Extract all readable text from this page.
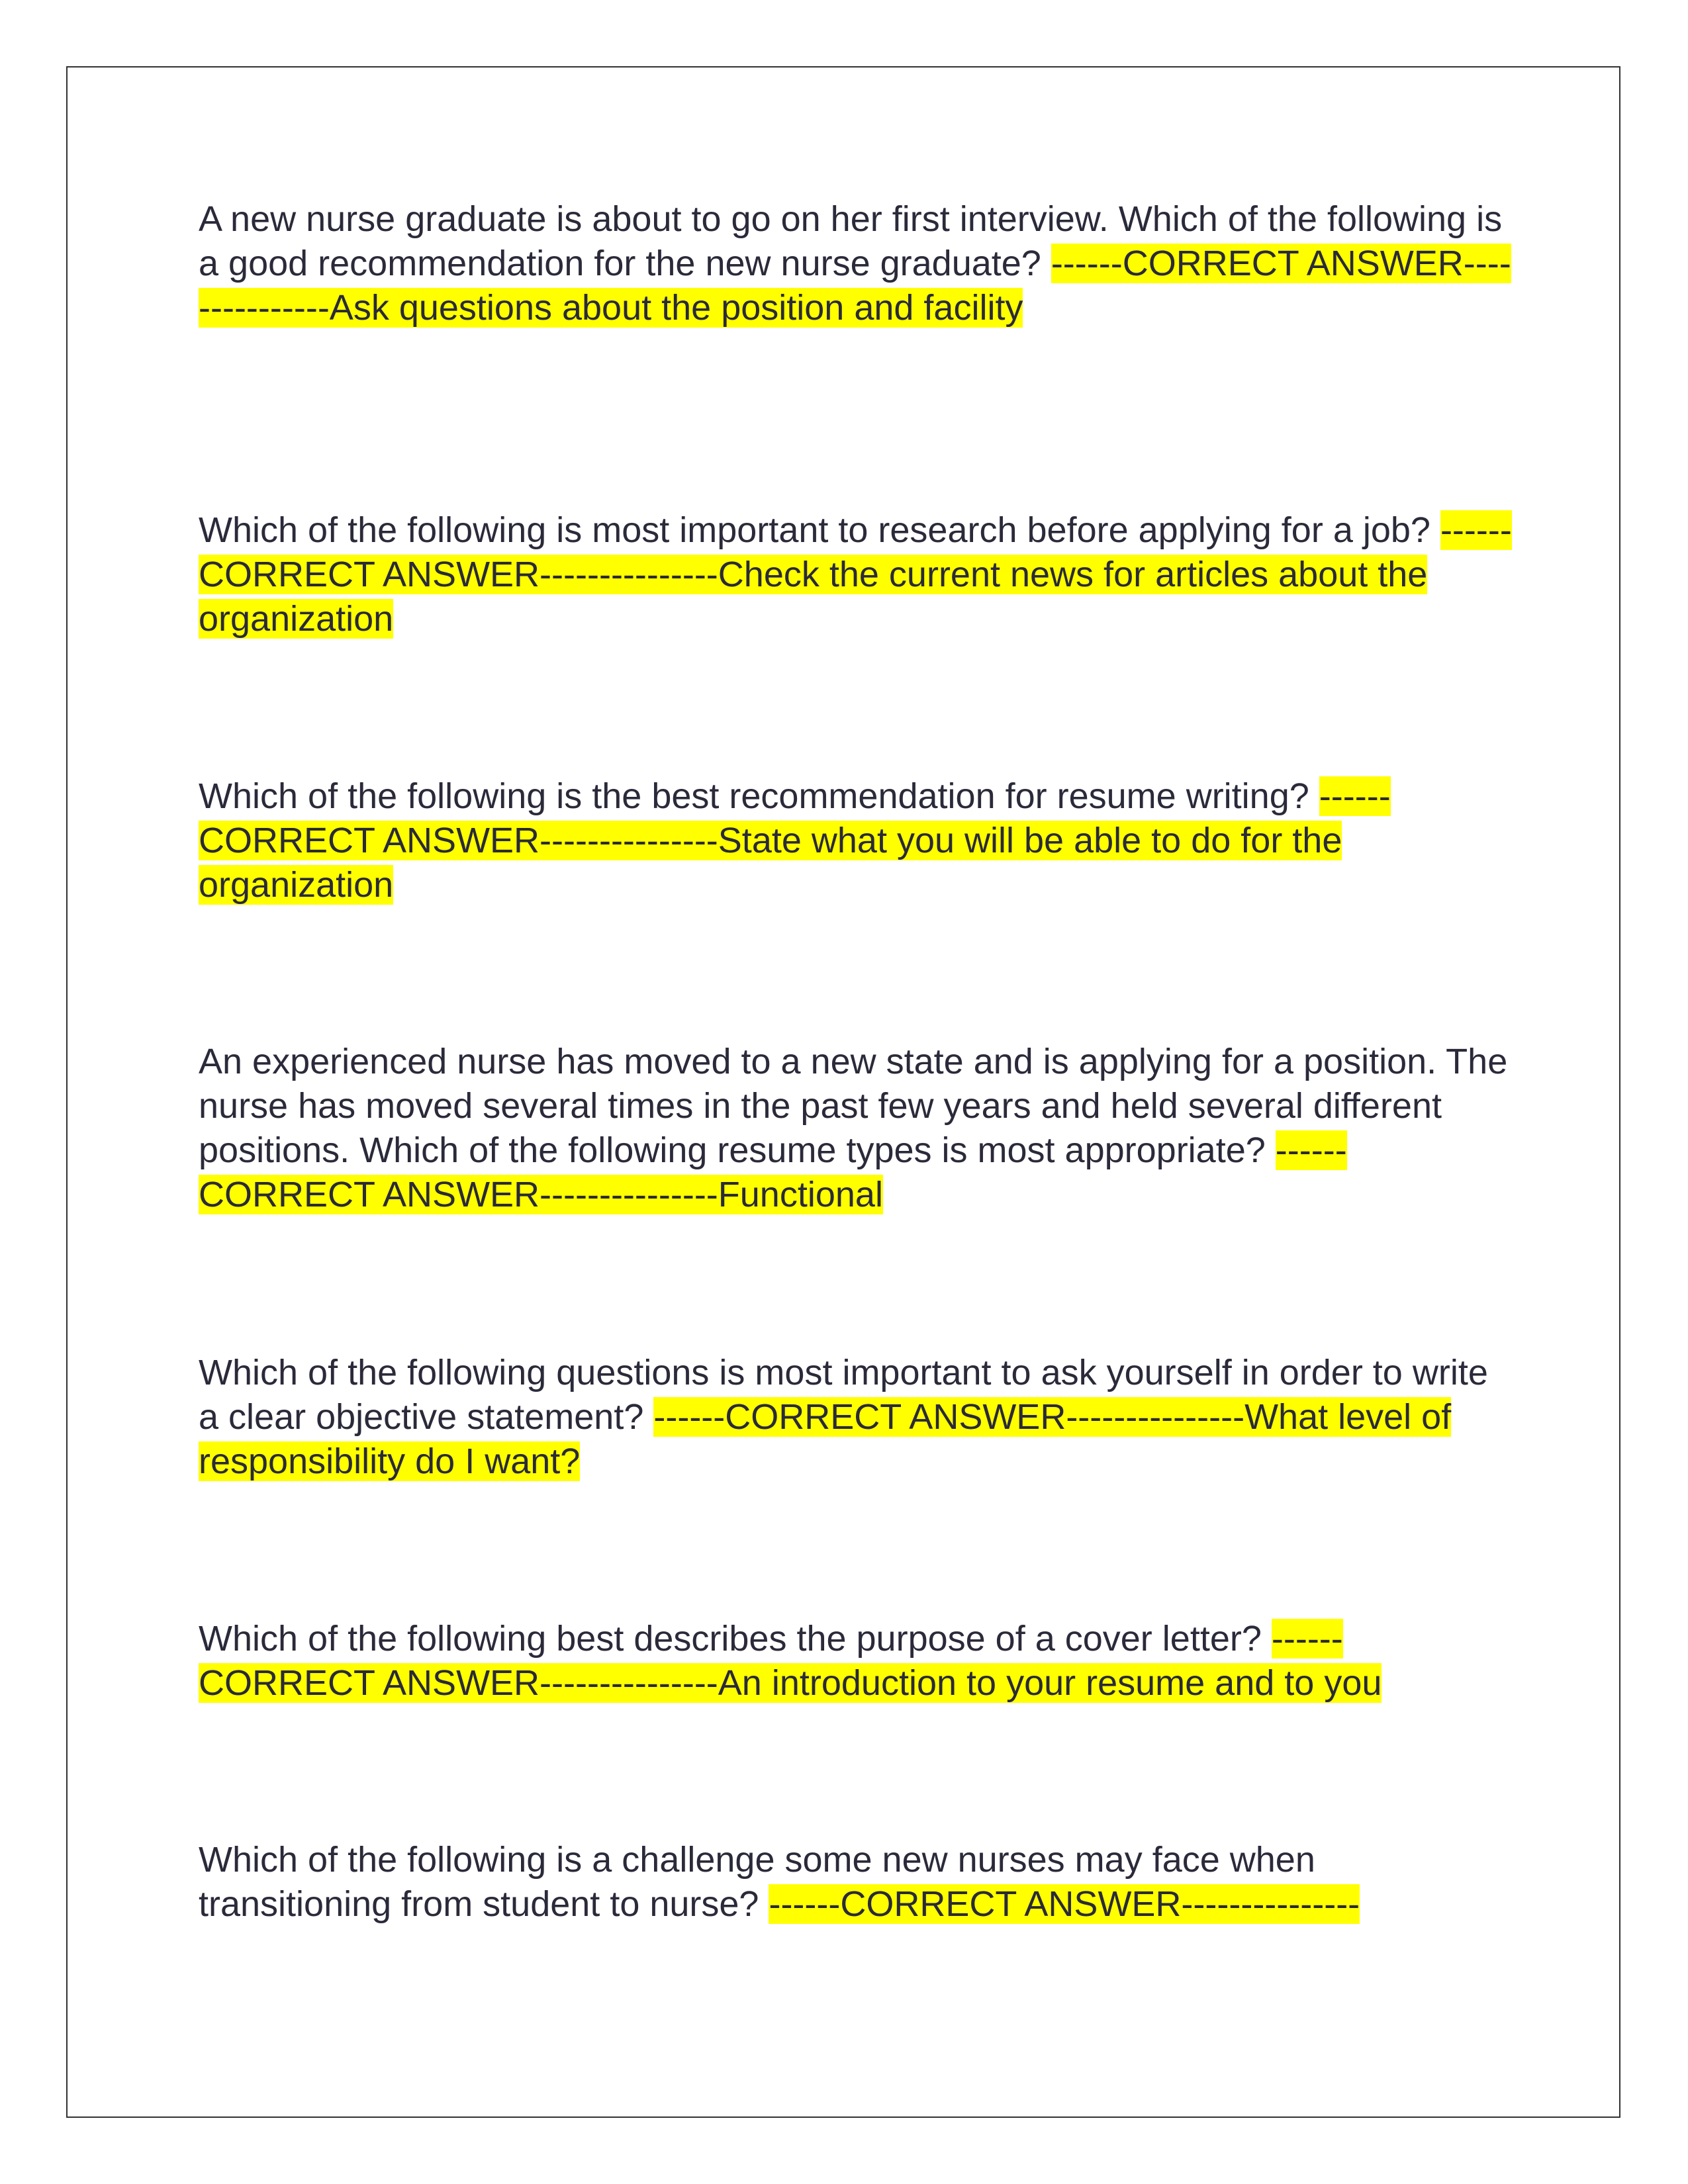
A new nurse graduate is about to go on her first interview. Which of the following is a good recommendation for the new nurse graduate? ------CORRECT ANSWER---------------Ask questions about the position and facility

Which of the following is most important to research before applying for a job? ------CORRECT ANSWER---------------Check the current news for articles about the organization

Which of the following is the best recommendation for resume writing? ------CORRECT ANSWER---------------State what you will be able to do for the organization

An experienced nurse has moved to a new state and is applying for a position. The nurse has moved several times in the past few years and held several different positions. Which of the following resume types is most appropriate? ------CORRECT ANSWER---------------Functional

Which of the following questions is most important to ask yourself in order to write a clear objective statement? ------CORRECT ANSWER---------------What level of responsibility do I want?

Which of the following best describes the purpose of a cover letter? ------CORRECT ANSWER---------------An introduction to your resume and to you

Which of the following is a challenge some new nurses may face when transitioning from student to nurse? ------CORRECT ANSWER---------------
